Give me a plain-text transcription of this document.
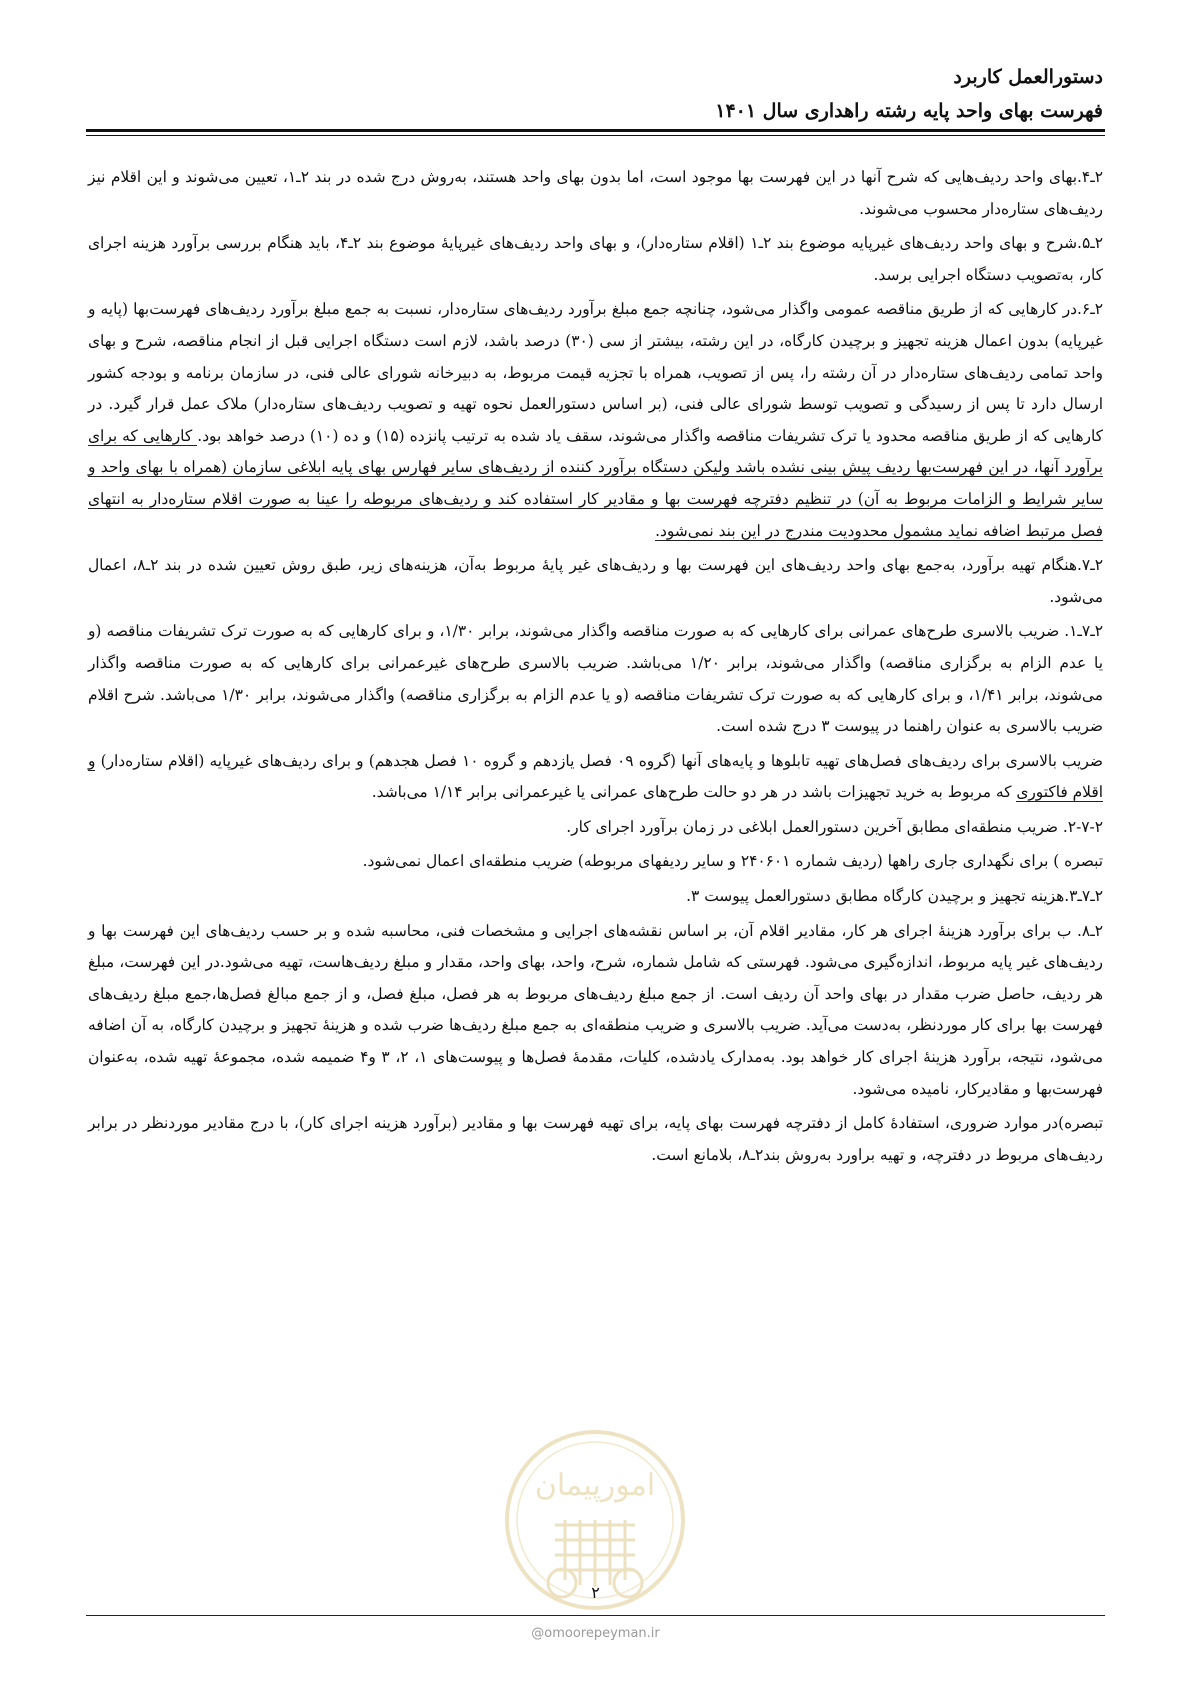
دستورالعمل کاربرد
فهرست بهای واحد پایه رشته راهداری سال ۱۴۰۱

۲ـ۴.بهای واحد ردیف‌هایی که شرح آنها در این فهرست بها موجود است، اما بدون بهای واحد هستند، به‌روش درج شده در بند ۲ـ۱، تعیین می‌شوند و این اقلام نیز ردیف‌های ستاره‌دار محسوب می‌شوند.

۲ـ۵.شرح و بهای واحد ردیف‌های غیرپایه موضوع بند ۲ـ۱ (اقلام ستاره‌دار)، و بهای واحد ردیف‌های غیرپایهٔ موضوع بند ۲ـ۴، باید هنگام بررسی برآورد هزینه اجرای کار، به‌تصویب دستگاه اجرایی برسد.

۲ـ۶.در کارهایی که از طریق مناقصه عمومی واگذار می‌شود، چنانچه جمع مبلغ برآورد ردیف‌های ستاره‌دار، نسبت به جمع مبلغ برآورد ردیف‌های فهرست‌بها (پایه و غیرپایه) بدون اعمال هزینه تجهیز و برچیدن کارگاه، در این رشته، بیشتر از سی (۳۰) درصد باشد، لازم است دستگاه اجرایی قبل از انجام مناقصه، شرح و بهای واحد تمامی ردیف‌های ستاره‌دار در آن رشته را، پس از تصویب، همراه با تجزیه قیمت مربوط، به دبیرخانه شورای عالی فنی، در سازمان برنامه و بودجه کشور ارسال دارد تا پس از رسیدگی و تصویب توسط شورای عالی فنی، (بر اساس دستورالعمل نحوه تهیه و تصویب ردیف‌های ستاره‌دار) ملاک عمل قرار گیرد. در کارهایی که از طریق مناقصه محدود یا ترک تشریفات مناقصه واگذار می‌شوند، سقف یاد شده به ترتیب پانزده (۱۵) و ده (۱۰) درصد خواهد بود. کارهایی که برای برآورد آنها، در این فهرست‌بها ردیف پیش بینی نشده باشد ولیکن دستگاه برآورد کننده از ردیف‌های سایر فهارس بهای پایه ابلاغی سازمان (همراه با بهای واحد و سایر شرایط و الزامات مربوط به آن) در تنظیم دفترچه فهرست بها و مقادیر کار استفاده کند و ردیف‌های مربوطه را عینا به صورت اقلام ستاره‌دار به انتهای فصل مرتبط اضافه نماید مشمول محدودیت مندرج در این بند نمی‌شود.

۲ـ۷.هنگام تهیه برآورد، به‌جمع بهای واحد ردیف‌های این فهرست بها و ردیف‌های غیر پایهٔ مربوط به‌آن، هزینه‌های زیر، طبق روش تعیین شده در بند ۲ـ۸، اعمال می‌شود.

۲ـ۷ـ۱. ضریب بالاسری طرح‌های عمرانی برای کارهایی که به صورت مناقصه واگذار می‌شوند، برابر ۱/۳۰، و برای کارهایی که به صورت ترک تشریفات مناقصه (و یا عدم الزام به برگزاری مناقصه) واگذار می‌شوند، برابر ۱/۲۰ می‌باشد. ضریب بالاسری طرح‌های غیرعمرانی برای کارهایی که به صورت مناقصه واگذار می‌شوند، برابر ۱/۴۱، و برای کارهایی که به صورت ترک تشریفات مناقصه (و یا عدم الزام به برگزاری مناقصه) واگذار می‌شوند، برابر ۱/۳۰ می‌باشد. شرح اقلام ضریب بالاسری به عنوان راهنما در پیوست ۳ درج شده است.

ضریب بالاسری برای ردیف‌های فصل‌های تهیه تابلوها و پایه‌های آنها (گروه ۰۹ فصل یازدهم و گروه ۱۰ فصل هجدهم) و برای ردیف‌های غیرپایه (اقلام ستاره‌دار) و اقلام فاکتوری که مربوط به خرید تجهیزات باشد در هر دو حالت طرح‌های عمرانی یا غیرعمرانی برابر ۱/۱۴ می‌باشد.

۲-۷-۲. ضریب منطقه‌ای مطابق آخرین دستورالعمل ابلاغی در زمان برآورد اجرای کار.

تبصره ) برای نگهداری جاری راهها (ردیف شماره ۲۴۰۶۰۱ و سایر ردیفهای مربوطه) ضریب منطقه‌ای اعمال نمی‌شود.

۲ـ۷ـ۳.هزینه تجهیز و برچیدن کارگاه مطابق دستورالعمل پیوست ۳.

۲ـ۸. ب برای برآورد هزینهٔ اجرای هر کار، مقادیر اقلام آن، بر اساس نقشه‌های اجرایی و مشخصات فنی، محاسبه شده و بر حسب ردیف‌های این فهرست بها و ردیف‌های غیر پایه مربوط، اندازه‌گیری می‌شود. فهرستی که شامل شماره، شرح، واحد، بهای واحد، مقدار و مبلغ ردیف‌هاست، تهیه می‌شود.در این فهرست، مبلغ هر ردیف، حاصل ضرب مقدار در بهای واحد آن ردیف است. از جمع مبلغ ردیف‌های مربوط به هر فصل، مبلغ فصل، و از جمع مبالغ فصل‌ها،جمع مبلغ ردیف‌های فهرست بها برای کار موردنظر، به‌دست می‌آید. ضریب بالاسری و ضریب منطقه‌ای به جمع مبلغ ردیف‌ها ضرب شده و هزینهٔ تجهیز و برچیدن کارگاه، به آن اضافه می‌شود، نتیجه، برآورد هزینهٔ اجرای کار خواهد بود. به‌مدارک یادشده، کلیات، مقدمهٔ فصل‌ها و پیوست‌های ۱، ۲، ۳ و۴ ضمیمه شده، مجموعهٔ تهیه شده، به‌عنوان فهرست‌بها و مقادیرکار، نامیده می‌شود.

تبصره)در موارد ضروری، استفادهٔ کامل از دفترچه فهرست بهای پایه، برای تهیه فهرست بها و مقادیر (برآورد هزینه اجرای کار)، با درج مقادیر موردنظر در برابر ردیف‌های مربوط در دفترچه، و تهیه براورد به‌روش بند۲ـ۸، بلامانع است.

امورپیمان
۲
@omoorepeyman.ir
